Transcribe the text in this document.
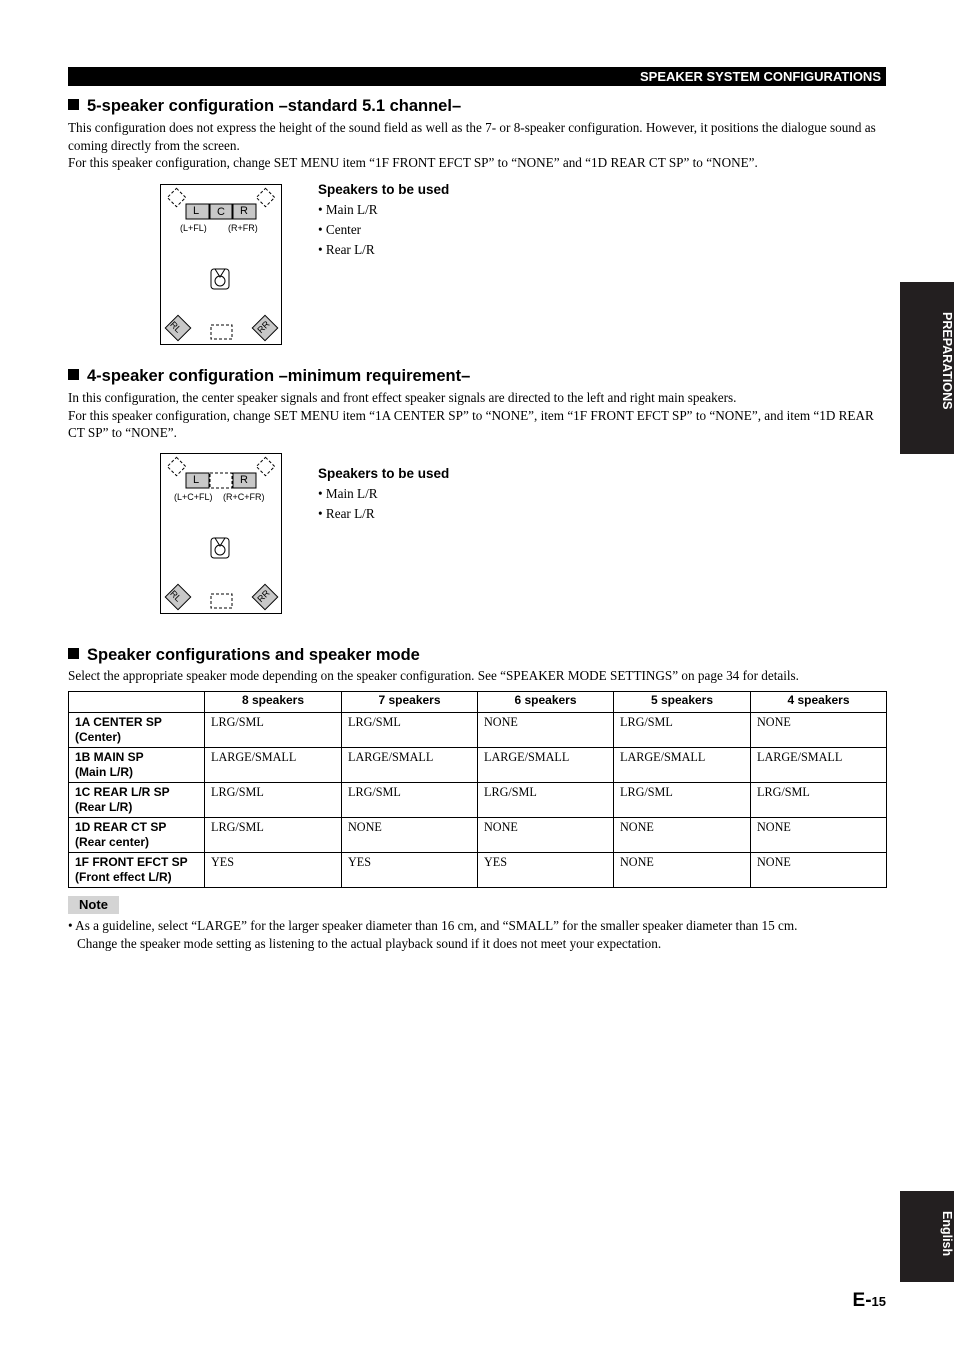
SPEAKER SYSTEM CONFIGURATIONS
PREPARATIONS
English
5-speaker configuration –standard 5.1 channel–

This configuration does not express the height of the sound field as well as the 7- or 8-speaker configuration. However, it positions the dialogue sound as coming directly from the screen.

For this speaker configuration, change SET MENU item “1F FRONT EFCT SP” to “NONE” and “1D REAR CT SP” to “NONE”.

L C R
(L+FL) (R+FR)
RL	RR
Speakers to be used
• Main L/R
• Center
• Rear L/R
4-speaker configuration –minimum requirement–

In this configuration, the center speaker signals and front effect speaker signals are directed to the left and right main speakers.

For this speaker configuration, change SET MENU item “1A CENTER SP” to “NONE”, item “1F FRONT EFCT SP” to “NONE”, and item “1D REAR CT SP” to “NONE”.

L	R
(L+C+FL) (R+C+FR)
RL	RR
Speakers to be used
• Main L/R
• Rear L/R
Speaker configurations and speaker mode

Select the appropriate speaker mode depending on the speaker configuration. See “SPEAKER MODE SETTINGS” on page 34 for details.

	8 speakers	7 speakers	6 speakers	5 speakers	4 speakers

1A CENTER SP
(Center)	LRG/SML	LRG/SML	NONE	LRG/SML	NONE

1B MAIN SP
(Main L/R)	LARGE/SMALL	LARGE/SMALL	LARGE/SMALL	LARGE/SMALL	LARGE/SMALL

1C REAR L/R SP
(Rear L/R)	LRG/SML	LRG/SML	LRG/SML	LRG/SML	LRG/SML

1D REAR CT SP
(Rear center)	LRG/SML	NONE	NONE	NONE	NONE

1F FRONT EFCT SP
(Front effect L/R)	YES	YES	YES	NONE	NONE
Note
• As a guideline, select “LARGE” for the larger speaker diameter than 16 cm, and “SMALL” for the smaller speaker diameter than 15 cm.
Change the speaker mode setting as listening to the actual playback sound if it does not meet your expectation.
E-15
